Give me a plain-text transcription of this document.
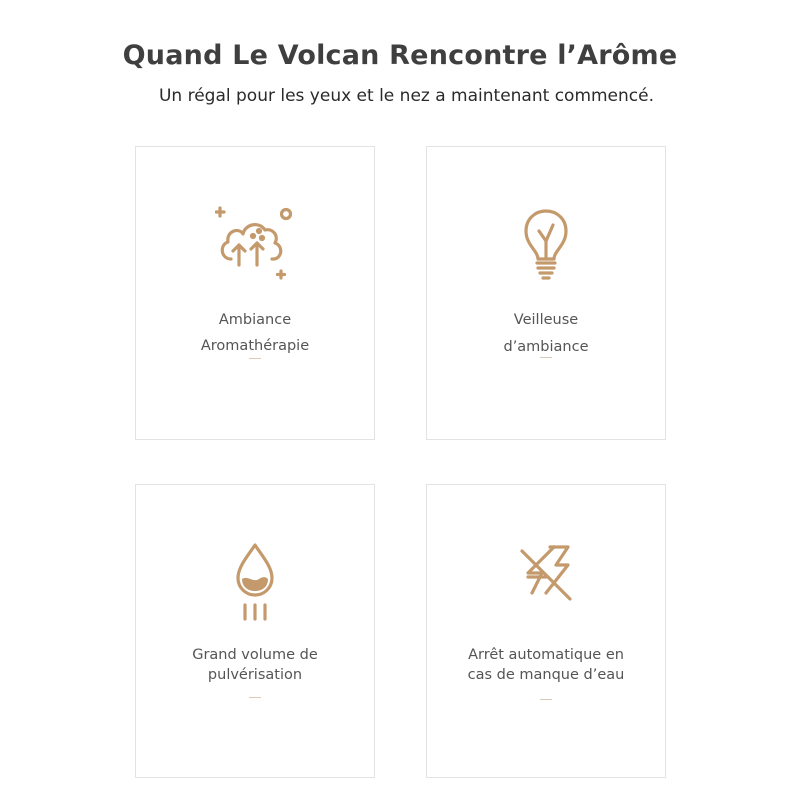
Quand Le Volcan Rencontre l’Arôme

Un régal pour les yeux et le nez a maintenant commencé.

Ambiance
Aromathérapie
Veilleuse
d’ambiance
Grand volume de
pulvérisation
Arrêt automatique en
cas de manque d’eau
